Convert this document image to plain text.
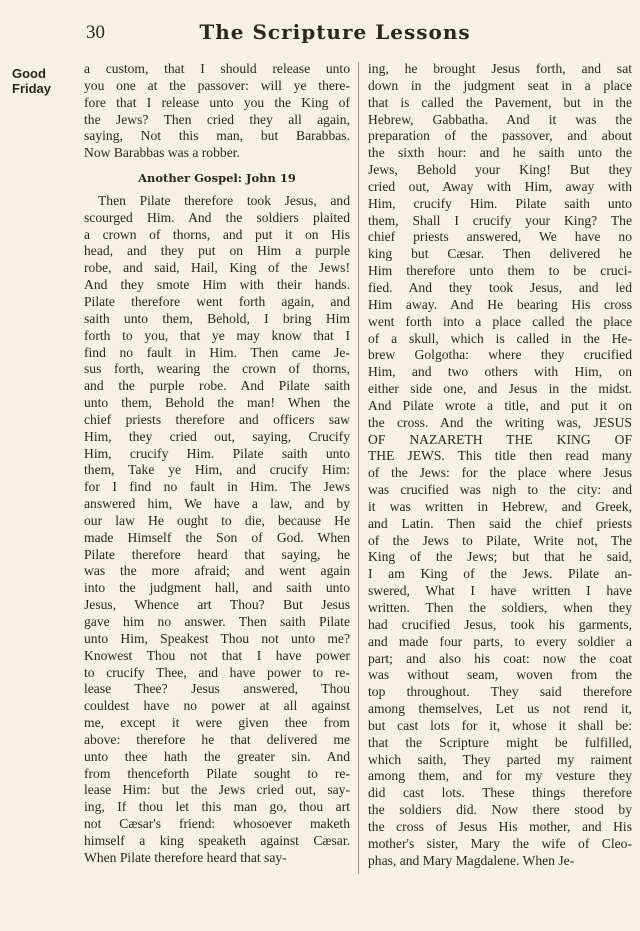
30	The Scripture Lessons
Good
Friday
a custom, that I should release unto
you one at the passover: will ye there-
fore that I release unto you the King of
the Jews? Then cried they all again,
saying, Not this man, but Barabbas.
Now Barabbas was a robber.
Another Gospel: John 19
Then Pilate therefore took Jesus, and
scourged Him. And the soldiers plaited
a crown of thorns, and put it on His
head, and they put on Him a purple
robe, and said, Hail, King of the Jews!
And they smote Him with their hands.
Pilate therefore went forth again, and
saith unto them, Behold, I bring Him
forth to you, that ye may know that I
find no fault in Him. Then came Je-
sus forth, wearing the crown of thorns,
and the purple robe. And Pilate saith
unto them, Behold the man! When the
chief priests therefore and officers saw
Him, they cried out, saying, Crucify
Him, crucify Him. Pilate saith unto
them, Take ye Him, and crucify Him:
for I find no fault in Him. The Jews
answered him, We have a law, and by
our law He ought to die, because He
made Himself the Son of God. When
Pilate therefore heard that saying, he
was the more afraid; and went again
into the judgment hall, and saith unto
Jesus, Whence art Thou? But Jesus
gave him no answer. Then saith Pilate
unto Him, Speakest Thou not unto me?
Knowest Thou not that I have power
to crucify Thee, and have power to re-
lease Thee? Jesus answered, Thou
couldest have no power at all against
me, except it were given thee from
above: therefore he that delivered me
unto thee hath the greater sin. And
from thenceforth Pilate sought to re-
lease Him: but the Jews cried out, say-
ing, If thou let this man go, thou art
not Cæsar's friend: whosoever maketh
himself a king speaketh against Cæsar.
When Pilate therefore heard that say-
ing, he brought Jesus forth, and sat
down in the judgment seat in a place
that is called the Pavement, but in the
Hebrew, Gabbatha. And it was the
preparation of the passover, and about
the sixth hour: and he saith unto the
Jews, Behold your King! But they
cried out, Away with Him, away with
Him, crucify Him. Pilate saith unto
them, Shall I crucify your King? The
chief priests answered, We have no
king but Cæsar. Then delivered he
Him therefore unto them to be cruci-
fied. And they took Jesus, and led
Him away. And He bearing His cross
went forth into a place called the place
of a skull, which is called in the He-
brew Golgotha: where they crucified
Him, and two others with Him, on
either side one, and Jesus in the midst.
And Pilate wrote a title, and put it on
the cross. And the writing was, JESUS
OF NAZARETH THE KING OF
THE JEWS. This title then read many
of the Jews: for the place where Jesus
was crucified was nigh to the city: and
it was written in Hebrew, and Greek,
and Latin. Then said the chief priests
of the Jews to Pilate, Write not, The
King of the Jews; but that he said,
I am King of the Jews. Pilate an-
swered, What I have written I have
written. Then the soldiers, when they
had crucified Jesus, took his garments,
and made four parts, to every soldier a
part; and also his coat: now the coat
was without seam, woven from the
top throughout. They said therefore
among themselves, Let us not rend it,
but cast lots for it, whose it shall be:
that the Scripture might be fulfilled,
which saith, They parted my raiment
among them, and for my vesture they
did cast lots. These things therefore
the soldiers did. Now there stood by
the cross of Jesus His mother, and His
mother's sister, Mary the wife of Cleo-
phas, and Mary Magdalene. When Je-
